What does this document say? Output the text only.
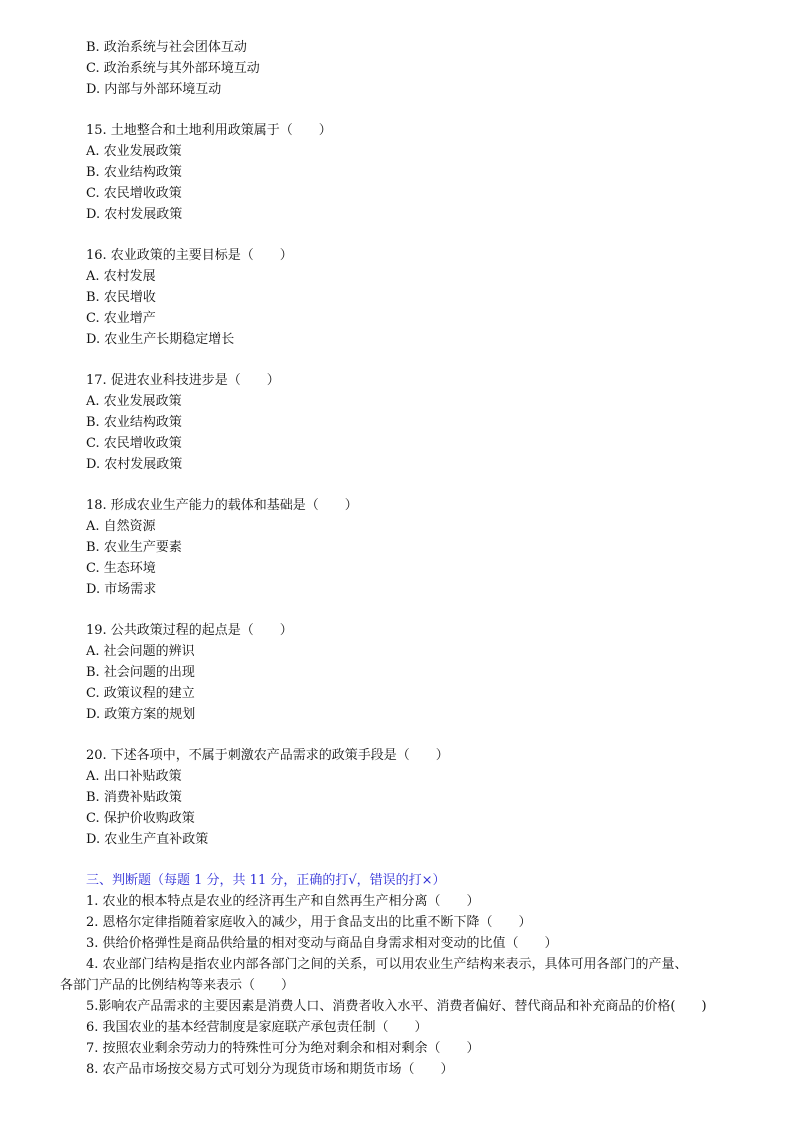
B. 政治系统与社会团体互动
C. 政治系统与其外部环境互动
D. 内部与外部环境互动
15. 土地整合和土地利用政策属于（　　）
A. 农业发展政策
B. 农业结构政策
C. 农民增收政策
D. 农村发展政策
16. 农业政策的主要目标是（　　）
A. 农村发展
B. 农民增收
C. 农业增产
D. 农业生产长期稳定增长
17. 促进农业科技进步是（　　）
A. 农业发展政策
B. 农业结构政策
C. 农民增收政策
D. 农村发展政策
18. 形成农业生产能力的载体和基础是（　　）
A. 自然资源
B. 农业生产要素
C. 生态环境
D. 市场需求
19. 公共政策过程的起点是（　　）
A. 社会问题的辨识
B. 社会问题的出现
C. 政策议程的建立
D. 政策方案的规划
20. 下述各项中，不属于刺激农产品需求的政策手段是（　　）
A. 出口补贴政策
B. 消费补贴政策
C. 保护价收购政策
D. 农业生产直补政策
三、判断题（每题 1 分，共 11 分，正确的打√，错误的打×）
1. 农业的根本特点是农业的经济再生产和自然再生产相分离（　　）
2. 恩格尔定律指随着家庭收入的减少，用于食品支出的比重不断下降（　　）
3. 供给价格弹性是商品供给量的相对变动与商品自身需求相对变动的比值（　　）
4. 农业部门结构是指农业内部各部门之间的关系，可以用农业生产结构来表示，具体可用各部门的产量、
各部门产品的比例结构等来表示（　　）
5.影响农产品需求的主要因素是消费人口、消费者收入水平、消费者偏好、替代商品和补充商品的价格(　　)
6. 我国农业的基本经营制度是家庭联产承包责任制（　　）
7. 按照农业剩余劳动力的特殊性可分为绝对剩余和相对剩余（　　）
8. 农产品市场按交易方式可划分为现货市场和期货市场（　　）
